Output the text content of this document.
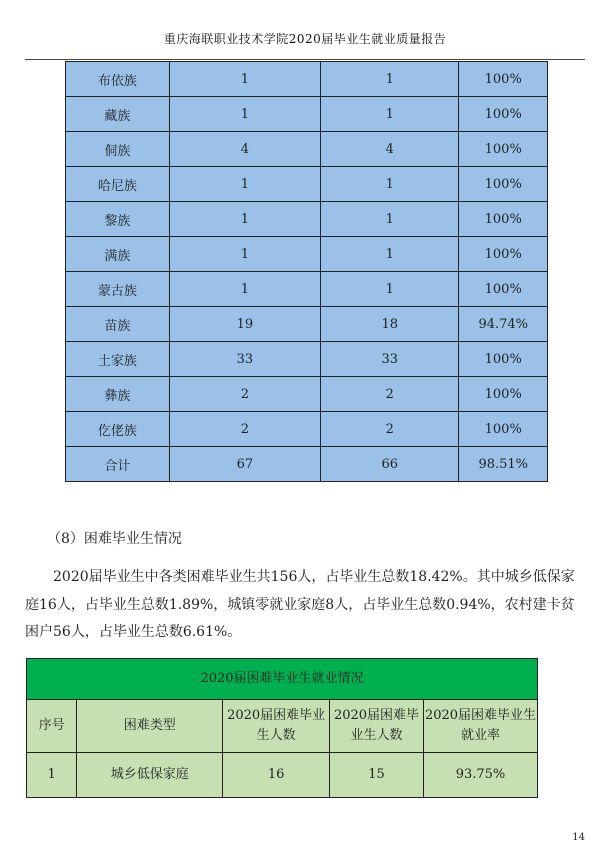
重庆海联职业技术学院2020届毕业生就业质量报告
布依族	1	1	100%
藏族	1	1	100%
侗族	4	4	100%
哈尼族	1	1	100%
黎族	1	1	100%
满族	1	1	100%
蒙古族	1	1	100%
苗族	19	18	94.74%
土家族	33	33	100%
彝族	2	2	100%
仡佬族	2	2	100%
合计	67	66	98.51%
（8）困难毕业生情况
2020届毕业生中各类困难毕业生共156人，占毕业生总数18.42%。其中城乡低保家庭16人，占毕业生总数1.89%，城镇零就业家庭8人，占毕业生总数0.94%，农村建卡贫困户56人，占毕业生总数6.61%。
2020届困难毕业生就业情况				
序号	困难类型	2020届困难毕业生人数	2020届困难毕业生人数	2020届困难毕业生就业率
1	城乡低保家庭	16	15	93.75%
14
